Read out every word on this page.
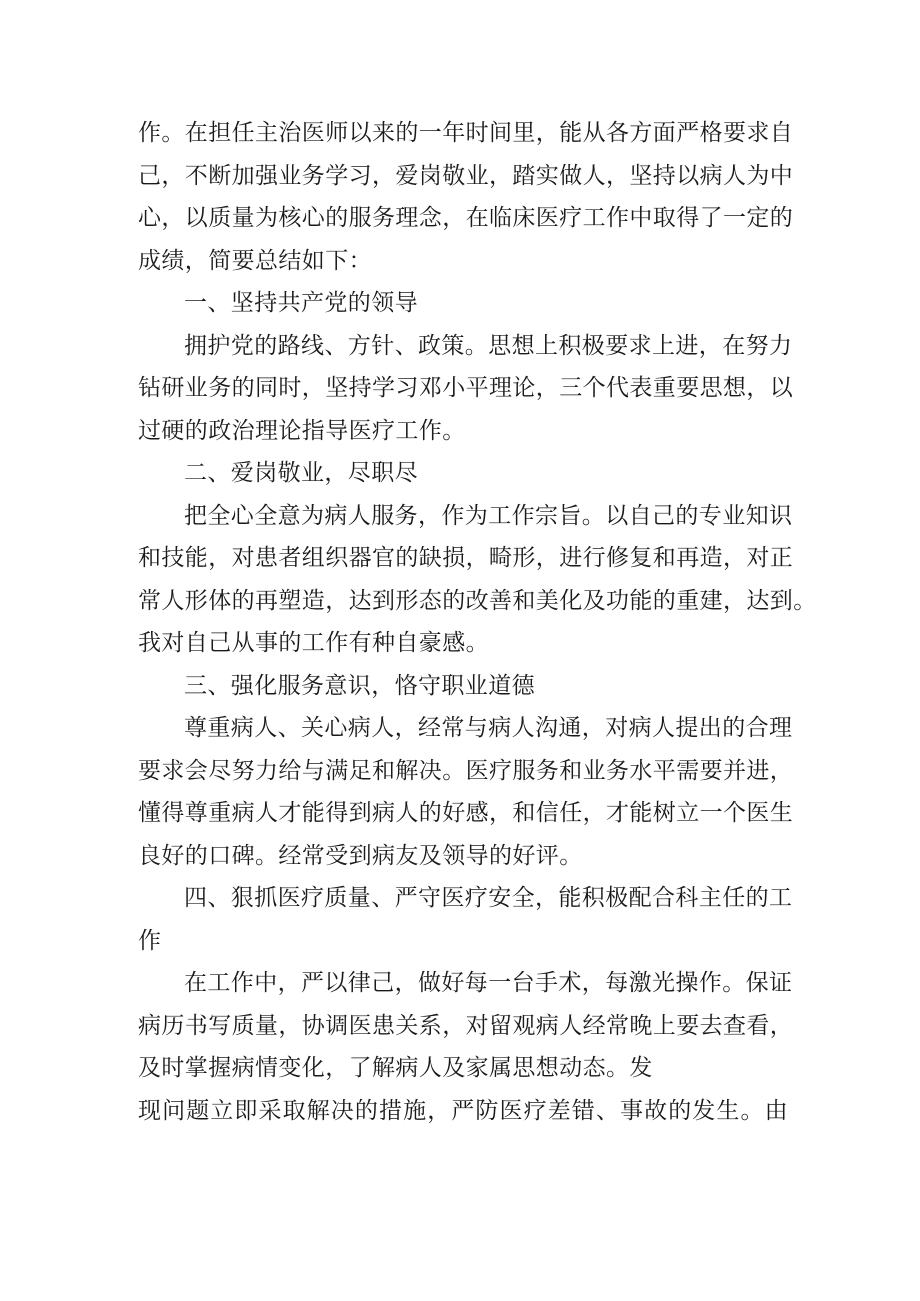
作。在担任主治医师以来的一年时间里，能从各方面严格要求自
己，不断加强业务学习，爱岗敬业，踏实做人，坚持以病人为中
心，以质量为核心的服务理念，在临床医疗工作中取得了一定的
成绩，简要总结如下：
一、坚持共产党的领导
拥护党的路线、方针、政策。思想上积极要求上进，在努力
钻研业务的同时，坚持学习邓小平理论，三个代表重要思想，以
过硬的政治理论指导医疗工作。
二、爱岗敬业，尽职尽
把全心全意为病人服务，作为工作宗旨。以自己的专业知识
和技能，对患者组织器官的缺损，畸形，进行修复和再造，对正
常人形体的再塑造，达到形态的改善和美化及功能的重建，达到。
我对自己从事的工作有种自豪感。
三、强化服务意识，恪守职业道德
尊重病人、关心病人，经常与病人沟通，对病人提出的合理
要求会尽努力给与满足和解决。医疗服务和业务水平需要并进，
懂得尊重病人才能得到病人的好感，和信任，才能树立一个医生
良好的口碑。经常受到病友及领导的好评。
四、狠抓医疗质量、严守医疗安全，能积极配合科主任的工
作
在工作中，严以律己，做好每一台手术，每激光操作。保证
病历书写质量，协调医患关系，对留观病人经常晚上要去查看，
及时掌握病情变化，了解病人及家属思想动态。发
现问题立即采取解决的措施，严防医疗差错、事故的发生。由
